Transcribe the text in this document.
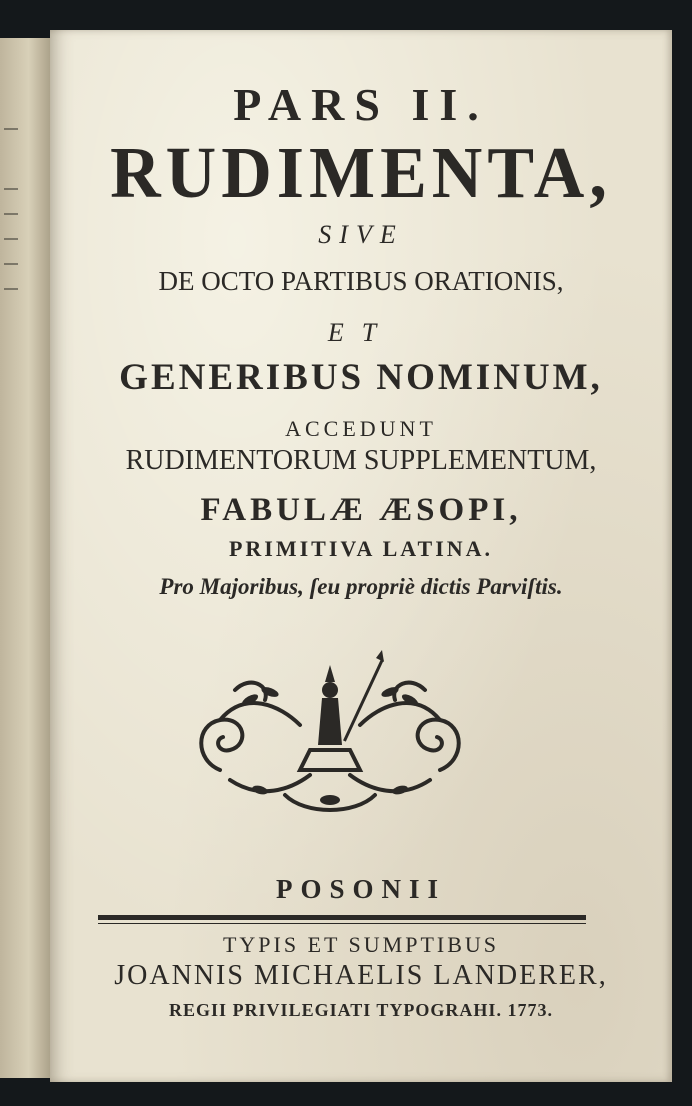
PARS II.
RUDIMENTA,
SIVE
DE OCTO PARTIBUS ORATIONIS,
ET
GENERIBUS NOMINUM,
ACCEDUNT
RUDIMENTORUM SUPPLEMENTUM,
FABULÆ ÆSOPI,
PRIMITIVA LATINA.
Pro Majoribus, ſeu propriè dictis Parviſtis.
POSONII
TYPIS ET SUMPTIBUS
JOANNIS MICHAELIS LANDERER,
REGII PRIVILEGIATI TYPOGRAHI. 1773.
